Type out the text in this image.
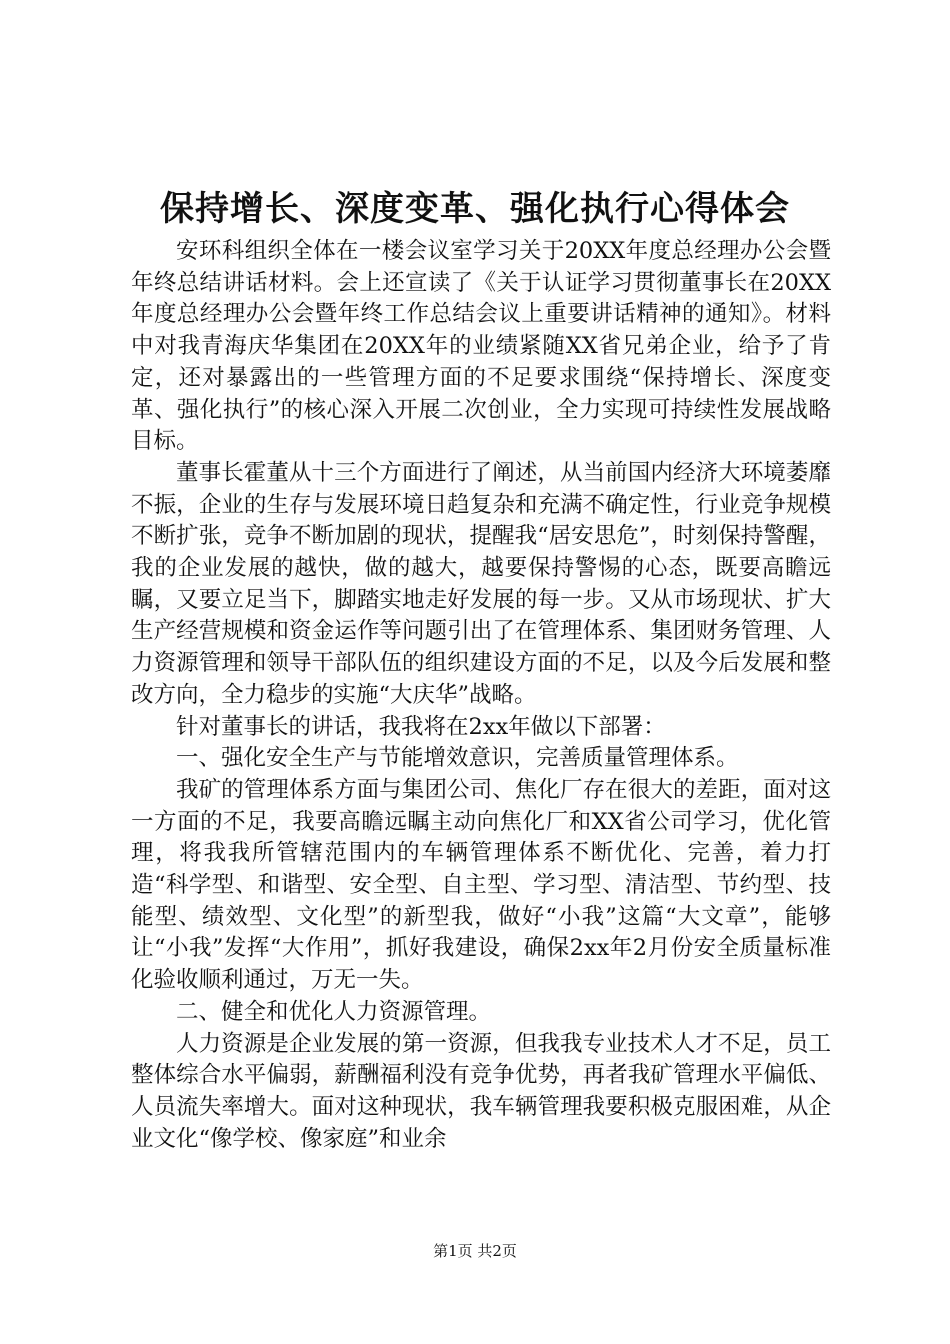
保持增长、深度变革、强化执行心得体会

安环科组织全体在一楼会议室学习关于20XX年度总经理办公会暨年终总结讲话材料。会上还宣读了《关于认证学习贯彻董事长在20XX年度总经理办公会暨年终工作总结会议上重要讲话精神的通知》。材料中对我青海庆华集团在20XX年的业绩紧随XX省兄弟企业，给予了肯定，还对暴露出的一些管理方面的不足要求围绕“保持增长、深度变革、强化执行”的核心深入开展二次创业，全力实现可持续性发展战略目标。

董事长霍董从十三个方面进行了阐述，从当前国内经济大环境萎靡不振，企业的生存与发展环境日趋复杂和充满不确定性，行业竞争规模不断扩张，竞争不断加剧的现状，提醒我“居安思危”，时刻保持警醒，我的企业发展的越快，做的越大，越要保持警惕的心态，既要高瞻远瞩，又要立足当下，脚踏实地走好发展的每一步。又从市场现状、扩大生产经营规模和资金运作等问题引出了在管理体系、集团财务管理、人力资源管理和领导干部队伍的组织建设方面的不足，以及今后发展和整改方向，全力稳步的实施“大庆华”战略。

针对董事长的讲话，我我将在2xx年做以下部署：

一、强化安全生产与节能增效意识，完善质量管理体系。

我矿的管理体系方面与集团公司、焦化厂存在很大的差距，面对这一方面的不足，我要高瞻远瞩主动向焦化厂和XX省公司学习，优化管理，将我我所管辖范围内的车辆管理体系不断优化、完善，着力打造“科学型、和谐型、安全型、自主型、学习型、清洁型、节约型、技能型、绩效型、文化型”的新型我，做好“小我”这篇“大文章”，能够让“小我”发挥“大作用”，抓好我建设，确保2xx年2月份安全质量标准化验收顺利通过，万无一失。

二、健全和优化人力资源管理。

人力资源是企业发展的第一资源，但我我专业技术人才不足，员工整体综合水平偏弱，薪酬福利没有竞争优势，再者我矿管理水平偏低、人员流失率增大。面对这种现状，我车辆管理我要积极克服困难，从企业文化“像学校、像家庭”和业余

第1页 共2页
